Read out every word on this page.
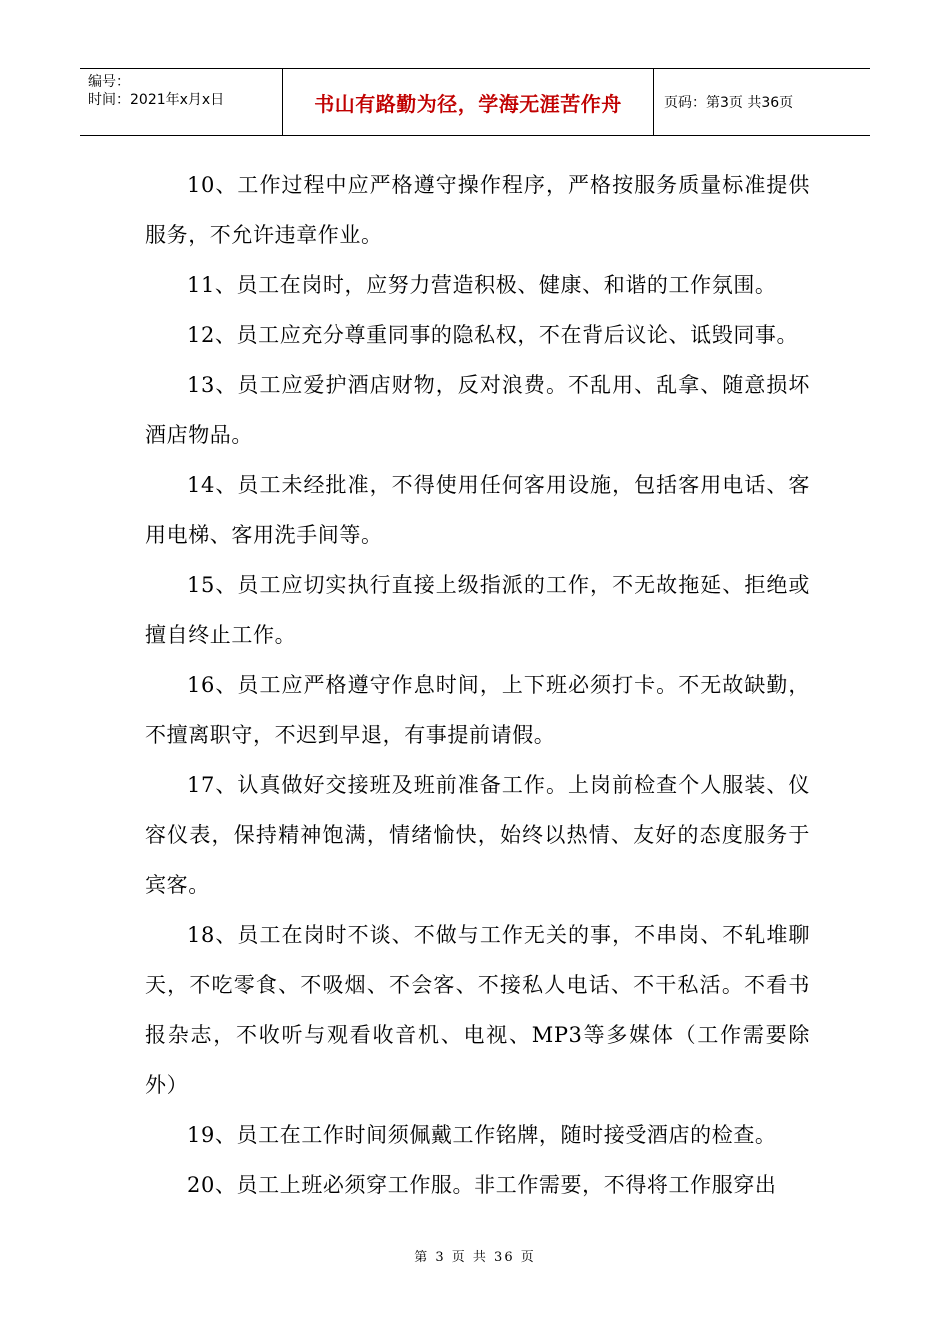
编号：
时间：2021年x月x日	书山有路勤为径，学海无涯苦作舟	页码：第3页 共36页

10、工作过程中应严格遵守操作程序，严格按服务质量标准提供服务，不允许违章作业。

11、员工在岗时，应努力营造积极、健康、和谐的工作氛围。

12、员工应充分尊重同事的隐私权，不在背后议论、诋毁同事。

13、员工应爱护酒店财物，反对浪费。不乱用、乱拿、随意损坏酒店物品。

14、员工未经批准，不得使用任何客用设施，包括客用电话、客用电梯、客用洗手间等。

15、员工应切实执行直接上级指派的工作，不无故拖延、拒绝或擅自终止工作。

16、员工应严格遵守作息时间，上下班必须打卡。不无故缺勤，不擅离职守，不迟到早退，有事提前请假。

17、认真做好交接班及班前准备工作。上岗前检查个人服装、仪容仪表，保持精神饱满，情绪愉快，始终以热情、友好的态度服务于宾客。

18、员工在岗时不谈、不做与工作无关的事，不串岗、不轧堆聊天，不吃零食、不吸烟、不会客、不接私人电话、不干私活。不看书报杂志，不收听与观看收音机、电视、MP3等多媒体（工作需要除外）

19、员工在工作时间须佩戴工作铭牌，随时接受酒店的检查。

20、员工上班必须穿工作服。非工作需要，不得将工作服穿出

第 3 页 共 36 页
